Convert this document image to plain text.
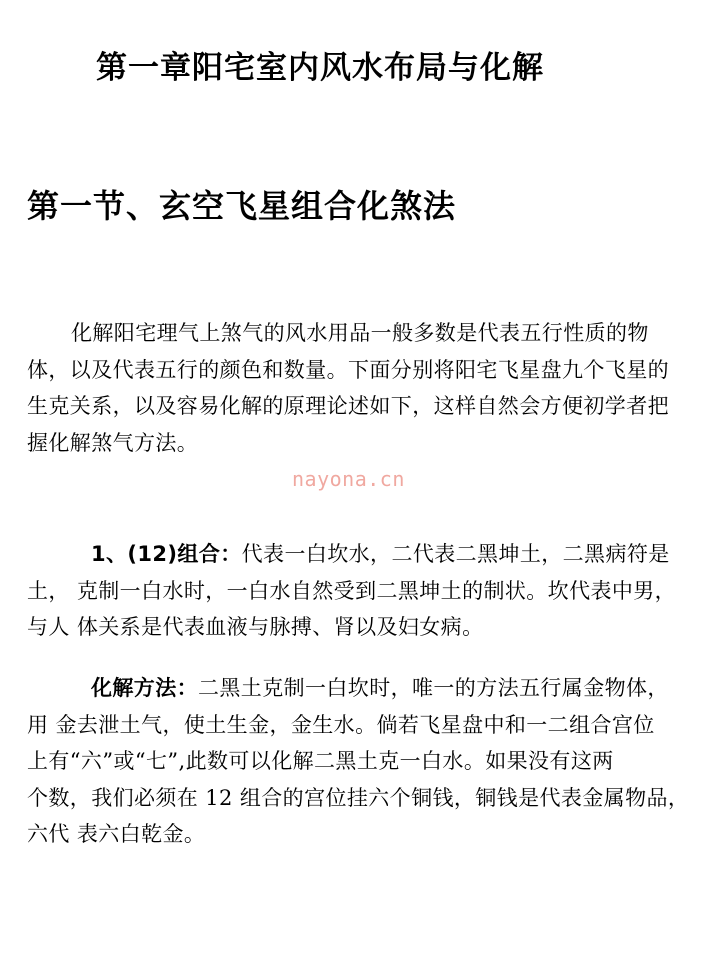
第一章阳宅室内风水布局与化解
第一节、玄空飞星组合化煞法
化解阳宅理气上煞气的风水用品一般多数是代表五行性质的物
体，以及代表五行的颜色和数量。下面分别将阳宅飞星盘九个飞星的
生克关系，以及容易化解的原理论述如下，这样自然会方便初学者把
握化解煞气方法。
nayona.cn
1、(12)组合：代表一白坎水，二代表二黑坤土，二黑病符是
土， 克制一白水时，一白水自然受到二黑坤土的制状。坎代表中男，
与人 体关系是代表血液与脉搏、肾以及妇女病。
化解方法：二黑土克制一白坎时，唯一的方法五行属金物体，
用 金去泄土气，使土生金，金生水。倘若飞星盘中和一二组合宫位
上有“六”或“七”,此数可以化解二黑土克一白水。如果没有这两
个数，我们必须在 12 组合的宫位挂六个铜钱，铜钱是代表金属物品，
六代 表六白乾金。
